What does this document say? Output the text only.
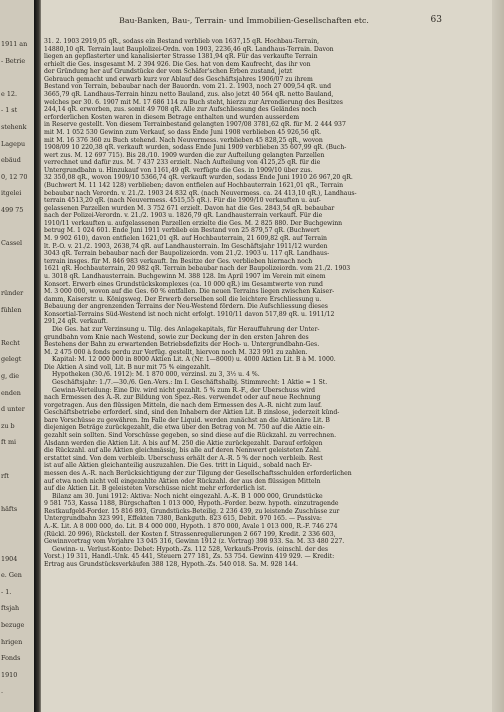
1911 an
- Betrie
e 12.
- 1 st
stehenk
Lagepu
ebäud
0, 12 70
itgelei
499 75
Cassel
ründer
fühlen
Recht
gelegt
g, die
enden
d unter
zu b
ft mi
rft
häfts
1904
e. Gen
- 1.
ftsjah
bezuge
hrigen
Fonds
1910
.
Bau-Banken, Bau-, Terrain- und Immobilien-Gesellschaften etc.	63
31. 2. 1903 2919,05 qR., sodass ein Bestand verblieb von 1637,15 qR. Hochbau-Terrain,
14880,10 qR. Terrain laut Bauplolizei-Ordn. von 1903, 2236,46 qR. Landhaus-Terrain. Davon
liegen an gepflasterter und kanalisierter Strasse 1381,94 qR. Für das verkaufte Terrain
erhielt die Ges. insgesamt M. 2 394 926. Die Ges. hat von dem Kaufrecht, das ihr von
der Gründung her auf Grundstücke der vom Schäfer'schen Erben zustand, jetzt
Gebrauch gemacht und erwarb kurz vor Ablauf des Geschäftsjahres 1906/07 zu ihrem
Bestand von Terrain, bebaubar nach der Bauordn. vom 21. 2. 1903, noch 27 009,54 qR. und
3665,79 qR. Landhaus-Terrain hinzu netto Bauland, zus. also jetzt 40 564 qR. netto Bauland,
welches per 30. 6. 1907 mit M. 17 686 114 zu Buch steht, hierzu zur Arrondierung des Besitzes
244,14 qR. erworben, zus. somit 49 708 qR. Alle zur Aufschliessung des Geländes noch
erforderlichen Kosten waren in diesem Betrage enthalten und wurden ausserdem
in Reserve gestellt. Von diesem Terrainbestand gelangten 1907/08 3781,62 qR. für M. 2 444 937
mit M. 1 052 530 Gewinn zum Verkauf, so dass Ende Juni 1908 verblieben 45 926,56 qR.
mit M. 16 376 360 zu Buch stehend. Nach Neuvermess. verblieben 45 828,25 qR., wovon
1908/09 10 220,38 qR. verkauft wurden, sodass Ende Juni 1909 verblieben 35 607,99 qR. (Buch-
wert zus. M. 12 697 715). Bis 28./10. 1909 wurden die zur Aufteilung gelangten Parzellen
verrechnet und dafür zus. M. 7 437 233 erzielt. Nach Aufteilung von 4125,25 qR. für die
Untergrundbahn u. Hinzukauf von 1161,49 qR. verfügte die Ges. in 1909/10 über zus.
32 350,08 qR., wovon 1909/10 5366,74 qR. verkauft wurden, sodass Ende Juni 1910 26 967,20 qR.
(Buchwert M. 11 142 128) verblieben; davon entfielen auf Hochbauterrain 1621,01 qR., Terrain
bebaubar nach Verordn. v. 21./2. 1903 24 832 qR. (nach Neuvermess. ca. 24 413,10 qR.), Landhaus-
terrain 4513,20 qR. (nach Neuvermess. 4515,55 qR.). Für die 1909/10 verkauften u. auf-
gelassenen Parzellen wurden M. 3 752 671 erzielt. Davon hat die Ges. 2843,54 qR. bebaubar
nach der Polizei-Verordn. v. 21./2. 1903 u. 1826,79 qR. Landhausterrain verkauft. Für die
1910/11 verkauften u. aufgelassenen Parzellen erzielte die Ges. M. 2 825 880. Der Buchgewinn
betrug M. 1 024 601. Ende Juni 1911 verblieb ein Bestand von 25 879,57 qR. (Buchwert
M. 9 902 610), davon entfielen 1621,01 qR. auf Hochbauterrain, 21 609,82 qR. auf Terrain
lt. P.-O. v. 21./2. 1903, 2638,74 qR. auf Landhausterrain. Im Geschäftsjahr 1911/12 wurden
3043 qR. Terrain bebaubar nach der Baupolizeiordn. vom 21./2. 1903 u. 117 qR. Landhaus-
terrain insges. für M. 846 983 verkauft. Im Besitze der Ges. verblieben hiernach noch
1621 qR. Hochbauterrain, 20 982 qR. Terrain bebaubar nach der Baupolizeiordn. vom 21./2. 1903
u. 3018 qR. Landhausterrain. Buchgewinn M. 388 128. Im April 1907 im Verein mit einem
Konsort. Erwerb eines Grundstückskomplexes (ca. 10 000 qR.) im Gesamtwerte von rund
M. 3 000 000, wovon auf die Ges. 60 % entfallen. Die neuen Terrains liegen zwischen Kaiser-
damm, Kaiserstr. u. Königsweg. Der Erwerb derselben soll die leichtere Erschliessung u.
Bebauung der angrenzenden Terrains der Neu-Westend fördern. Die Aufschliessung dieses
Konsortial-Terrains Süd-Westend ist noch nicht erfolgt. 1910/11 davon 517,89 qR. u. 1911/12
291,24 qR. verkauft.
Die Ges. hat zur Verzinsung u. Tilg. des Anlagekapitals, für Herauffuhrung der Unter-
grundbahn vom Knie nach Westend, sowie zur Deckung der in den ersten Jahren des
Bestehens der Bahn zu erwartenden Betriebsdefizits der Hoch- u. Untergrundbahn-Ges.
M. 2 475 000 à fonds perdu zur Verfüg. gestellt, hiervon noch M. 323 991 zu zahlen.
Kapital: M. 12 000 000 in 8000 Aktien Lit. A (Nr. 1—8000) u. 4000 Aktien Lit. B à M. 1000.
Die Aktien A sind voll, Lit. B nur mit 75 % eingezahlt.
Hypotheken (30./6. 1912): M. 1 870 000, verzinsl. zu 3, 3½ u. 4 %.
Geschäftsjahr: 1./7.—30./6. Gen.-Vers.: Im I. Geschäftshalbj. Stimmrecht: 1 Aktie = 1 St.
Gewinn-Verteilung: Eine Div. wird nicht gezahlt. 5 % zum R.-F., der Überschuss wird
nach Ermessen des A.-R. zur Bildung von Spez.-Res. verwendet oder auf neue Rechnung
vorgetragen. Aus den flüssigen Mitteln, die nach dem Ermessen des A.-R. nicht zum lauf.
Geschäftsbetriebe erforderl. sind, sind den Inhabern der Aktien Lit. B zinslose, jederzeit künd-
bare Vorschüsse zu gewähren. Im Falle der Liquid. werden zunächst an die Aktionäre Lit. B
diejenigen Beträge zurückgezahlt, die etwa über den Betrag von M. 750 auf die Aktie ein-
gezahlt sein sollten. Sind Vorschüsse gegeben, so sind diese auf die Rückzahl. zu verrechnen.
Alsdann werden die Aktien Lit. A bis auf M. 250 die Aktie zurückgezahlt. Darauf erfolgen
die Rückzahl. auf alle Aktien gleichmässig, bis alle auf deren Nennwert geleisteten Zahl.
erstattet sind. Von dem verbleib. Überschuss erhält der A.-R. 5 % der noch verbleib. Rest
ist auf alle Aktien gleichanteilig auszuzahlen. Die Ges. tritt in Liquid., sobald nach Er-
messen des A.-R. nach Berücksichtigung der zur Tilgung der Gesellschaftsschulden erforderlichen
auf etwa noch nicht voll eingezahlte Aktien oder Rückzahl. der aus den flüssigen Mitteln
auf die Aktien Lit. B geleisteten Vorschüsse nicht mehr erforderlich ist.
Bilanz am 30. Juni 1912: Aktiva: Noch nicht eingezahl. A.-K. B 1 000 000, Grundstücke
9 581 753, Kassa 1188, Bürgschaften 1 013 000, Hypoth.-Forder. bezw. hypoth. einzutragende
Restkaufgeld-Forder. 15 816 893, Grundstücks-Beteilig. 2 236 439, zu leistende Zuschüsse zur
Untergrundbahn 323 991, Effekten 7380, Bankguth. 823 615, Debit. 970 165. — Passiva:
A.-K. Lit. A 8 000 000, do. Lit. B 4 000 000, Hypoth. 1 870 000, Avale 1 013 000, R.-F. 746 274
(Rückl. 20 996), Rückstell. der Kosten f. Strassenregulierungen 2 667 199, Kredit. 2 336 603,
Gewinnvortrag vom Vorjahre 13 045 316, Gewinn 1912 (z. Vortrag) 398 933. Sa. M. 33 480 227.
Gewinn- u. Verlust-Konto: Debet: Hypoth.-Zs. 112 528, Verkaufs-Provis. (einschl. der des
Vorst.) 19 311, Handl.-Unk. 45 441, Steuern 277 181, Zs. 53 754. Gewinn 419 929. — Kredit:
Ertrag aus Grundstücksverkäufen 388 128, Hypoth.-Zs. 540 018. Sa. M. 928 144.
